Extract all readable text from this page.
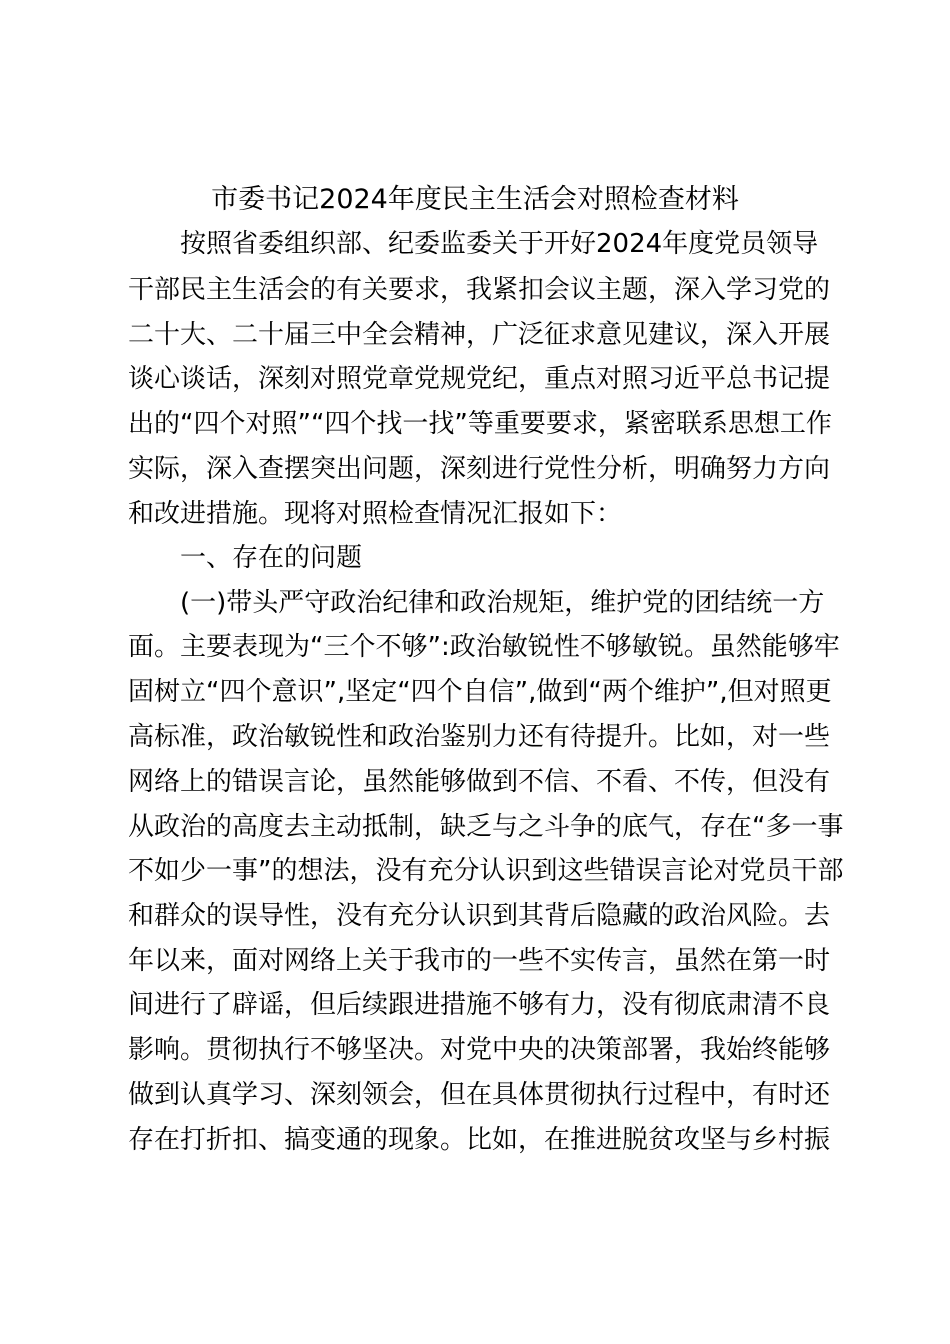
市委书记2024年度民主生活会对照检查材料
按照省委组织部、纪委监委关于开好2024年度党员领导
干部民主生活会的有关要求，我紧扣会议主题，深入学习党的
二十大、二十届三中全会精神，广泛征求意见建议，深入开展
谈心谈话，深刻对照党章党规党纪，重点对照习近平总书记提
出的“四个对照”“四个找一找”等重要要求，紧密联系思想工作
实际，深入查摆突出问题，深刻进行党性分析，明确努力方向
和改进措施。现将对照检查情况汇报如下：
一、存在的问题
(一)带头严守政治纪律和政治规矩，维护党的团结统一方
面。主要表现为“三个不够”:政治敏锐性不够敏锐。虽然能够牢
固树立“四个意识”,坚定“四个自信”,做到“两个维护”,但对照更
高标准，政治敏锐性和政治鉴别力还有待提升。比如，对一些
网络上的错误言论，虽然能够做到不信、不看、不传，但没有
从政治的高度去主动抵制，缺乏与之斗争的底气，存在“多一事
不如少一事”的想法，没有充分认识到这些错误言论对党员干部
和群众的误导性，没有充分认识到其背后隐藏的政治风险。去
年以来，面对网络上关于我市的一些不实传言，虽然在第一时
间进行了辟谣，但后续跟进措施不够有力，没有彻底肃清不良
影响。贯彻执行不够坚决。对党中央的决策部署，我始终能够
做到认真学习、深刻领会，但在具体贯彻执行过程中，有时还
存在打折扣、搞变通的现象。比如，在推进脱贫攻坚与乡村振
